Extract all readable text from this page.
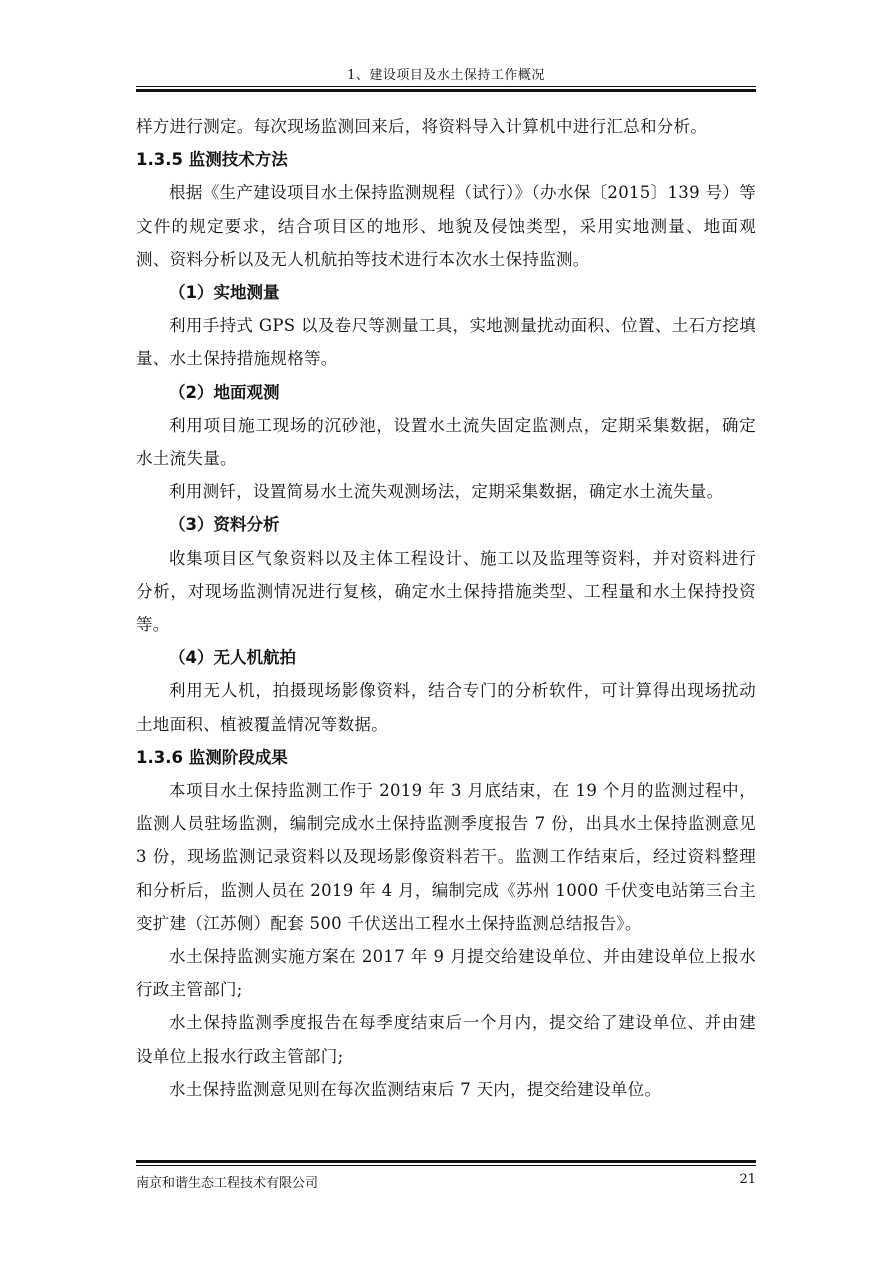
1、建设项目及水土保持工作概况

样方进行测定。每次现场监测回来后，将资料导入计算机中进行汇总和分析。

1.3.5 监测技术方法

根据《生产建设项目水土保持监测规程（试行）》（办水保〔2015〕139 号）等文件的规定要求，结合项目区的地形、地貌及侵蚀类型，采用实地测量、地面观测、资料分析以及无人机航拍等技术进行本次水土保持监测。

（1）实地测量

利用手持式 GPS 以及卷尺等测量工具，实地测量扰动面积、位置、土石方挖填量、水土保持措施规格等。

（2）地面观测

利用项目施工现场的沉砂池，设置水土流失固定监测点，定期采集数据，确定水土流失量。

利用测钎，设置简易水土流失观测场法，定期采集数据，确定水土流失量。

（3）资料分析

收集项目区气象资料以及主体工程设计、施工以及监理等资料，并对资料进行分析，对现场监测情况进行复核，确定水土保持措施类型、工程量和水土保持投资等。

（4）无人机航拍

利用无人机，拍摄现场影像资料，结合专门的分析软件，可计算得出现场扰动土地面积、植被覆盖情况等数据。

1.3.6 监测阶段成果

本项目水土保持监测工作于 2019 年 3 月底结束，在 19 个月的监测过程中，监测人员驻场监测，编制完成水土保持监测季度报告 7 份，出具水土保持监测意见 3 份，现场监测记录资料以及现场影像资料若干。监测工作结束后，经过资料整理和分析后，监测人员在 2019 年 4 月，编制完成《苏州 1000 千伏变电站第三台主变扩建（江苏侧）配套 500 千伏送出工程水土保持监测总结报告》。

水土保持监测实施方案在 2017 年 9 月提交给建设单位、并由建设单位上报水行政主管部门;

水土保持监测季度报告在每季度结束后一个月内，提交给了建设单位、并由建设单位上报水行政主管部门;

水土保持监测意见则在每次监测结束后 7 天内，提交给建设单位。

南京和谐生态工程技术有限公司	21
